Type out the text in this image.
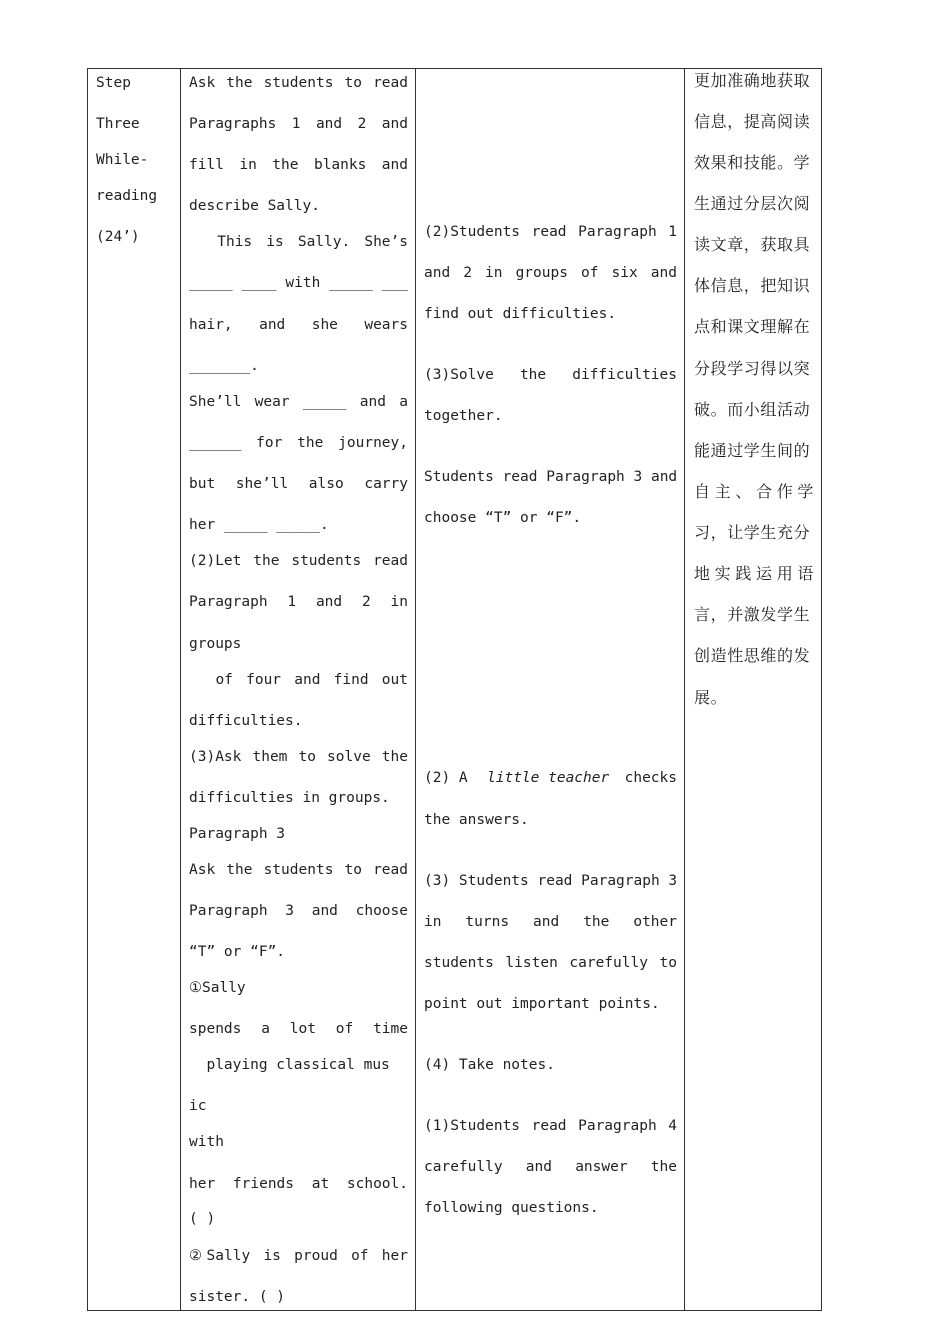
Step
Three
While-
reading
(24’)

Ask the students to read
Paragraphs 1 and 2 and
fill in the blanks and
describe Sally.
This is Sally. She’s
_____ ____ with _____ ___
hair, and she wears
_______.
She’ll wear _____ and a
______ for the journey,
but she’ll also carry
her _____ _____.
(2)Let the students read
Paragraph 1 and 2 in
groups
of four and find out
difficulties.
(3)Ask them to solve the
difficulties in groups.
Paragraph 3
Ask the students to read
Paragraph 3 and choose
“T” or “F”.
①Sally
spends a lot of time
playing classical mus
ic
with
her friends at school.
( )
②Sally is proud of her
sister. ( )

(2)Students read Paragraph 1
and 2 in groups of six and
find out difficulties.
(3)Solve the difficulties
together.
Students read Paragraph 3 and
choose “T” or “F”.
(2) A little teacher checks
the answers.
(3) Students read Paragraph 3
in turns and the other
students listen carefully to
point out important points.
(4) Take notes.
(1)Students read Paragraph 4
carefully and answer the
following questions.

更加准确地获取
信息，提高阅读
效果和技能。学
生通过分层次阅
读文章，获取具
体信息，把知识
点和课文理解在
分段学习得以突
破。而小组活动
能通过学生间的
自主、合作学
习，让学生充分
地实践运用语
言，并激发学生
创造性思维的发
展。
